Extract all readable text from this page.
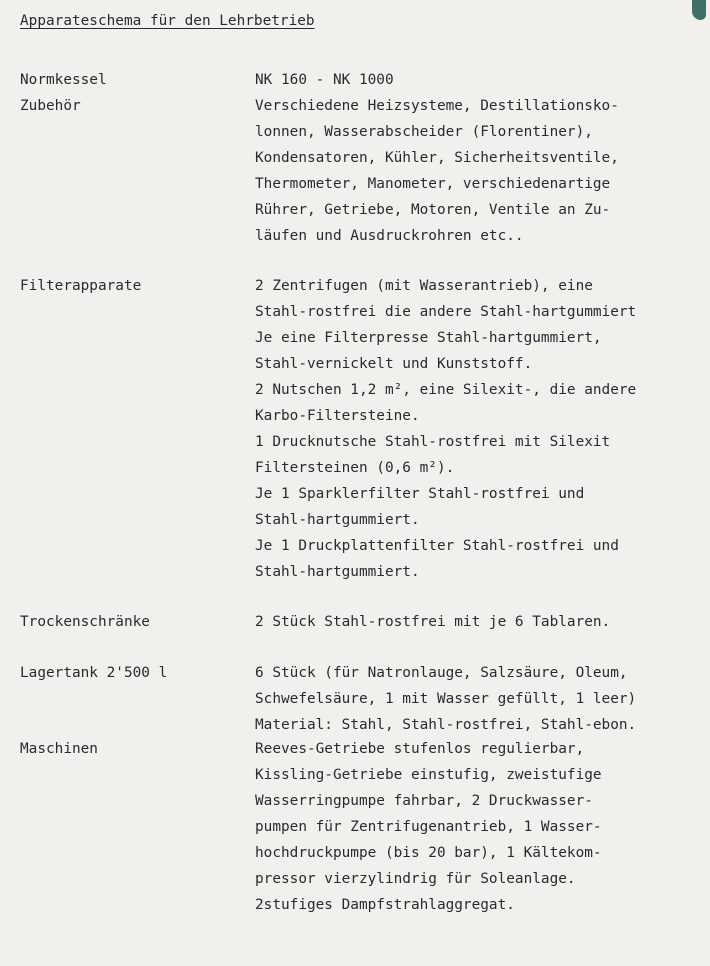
Apparateschema für den Lehrbetrieb
Normkessel	NK 160 - NK 1000
Zubehör	Verschiedene Heizsysteme, Destillationsko-
lonnen, Wasserabscheider (Florentiner),
Kondensatoren, Kühler, Sicherheitsventile,
Thermometer, Manometer, verschiedenartige
Rührer, Getriebe, Motoren, Ventile an Zu-
läufen und Ausdruckrohren etc..
Filterapparate	2 Zentrifugen (mit Wasserantrieb), eine
Stahl-rostfrei die andere Stahl-hartgummiert
Je eine Filterpresse Stahl-hartgummiert,
Stahl-vernickelt und Kunststoff.
2 Nutschen 1,2 m², eine Silexit-, die andere
Karbo-Filtersteine.
1 Drucknutsche Stahl-rostfrei mit Silexit
Filtersteinen (0,6 m²).
Je 1 Sparklerfilter Stahl-rostfrei und
Stahl-hartgummiert.
Je 1 Druckplattenfilter Stahl-rostfrei und
Stahl-hartgummiert.
Trockenschränke	2 Stück Stahl-rostfrei mit je 6 Tablaren.
Lagertank 2'500 l	6 Stück (für Natronlauge, Salzsäure, Oleum,
Schwefelsäure, 1 mit Wasser gefüllt, 1 leer)
Material: Stahl, Stahl-rostfrei, Stahl-ebon.
Maschinen	Reeves-Getriebe stufenlos regulierbar,
Kissling-Getriebe einstufig, zweistufige
Wasserringpumpe fahrbar, 2 Druckwasser-
pumpen für Zentrifugenantrieb, 1 Wasser-
hochdruckpumpe (bis 20 bar), 1 Kältekom-
pressor vierzylindrig für Soleanlage.
2stufiges Dampfstrahlaggregat.
